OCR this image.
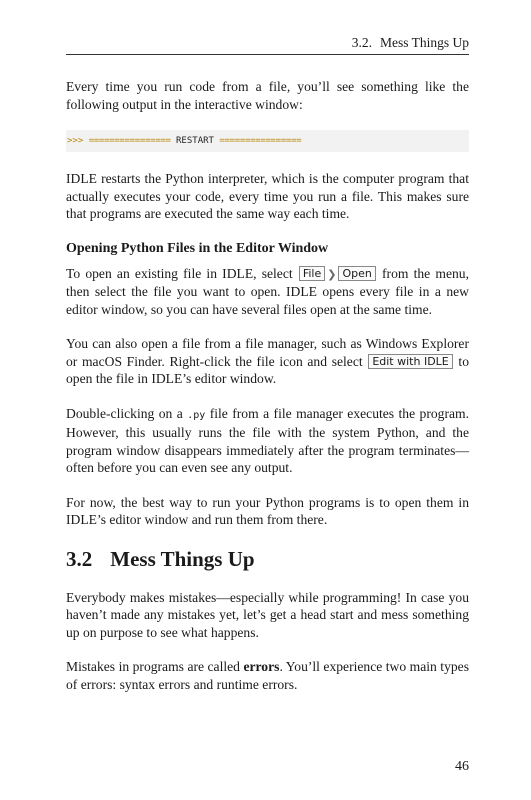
3.2. Mess Things Up

Every time you run code from a file, you’ll see something like the following output in the interactive window:

>>> ================ RESTART ================

IDLE restarts the Python interpreter, which is the computer program that actually executes your code, every time you run a file. This makes sure that programs are executed the same way each time.

Opening Python Files in the Editor Window

To open an existing file in IDLE, select File ❯ Open from the menu, then select the file you want to open. IDLE opens every file in a new editor window, so you can have several files open at the same time.

You can also open a file from a file manager, such as Windows Explorer or macOS Finder. Right-click the file icon and select Edit with IDLE to open the file in IDLE’s editor window.

Double-clicking on a .py file from a file manager executes the program. However, this usually runs the file with the system Python, and the program window disappears immediately after the program terminates—often before you can even see any output.

For now, the best way to run your Python programs is to open them in IDLE’s editor window and run them from there.

3.2 Mess Things Up

Everybody makes mistakes—especially while programming! In case you haven’t made any mistakes yet, let’s get a head start and mess something up on purpose to see what happens.

Mistakes in programs are called errors. You’ll experience two main types of errors: syntax errors and runtime errors.

46
